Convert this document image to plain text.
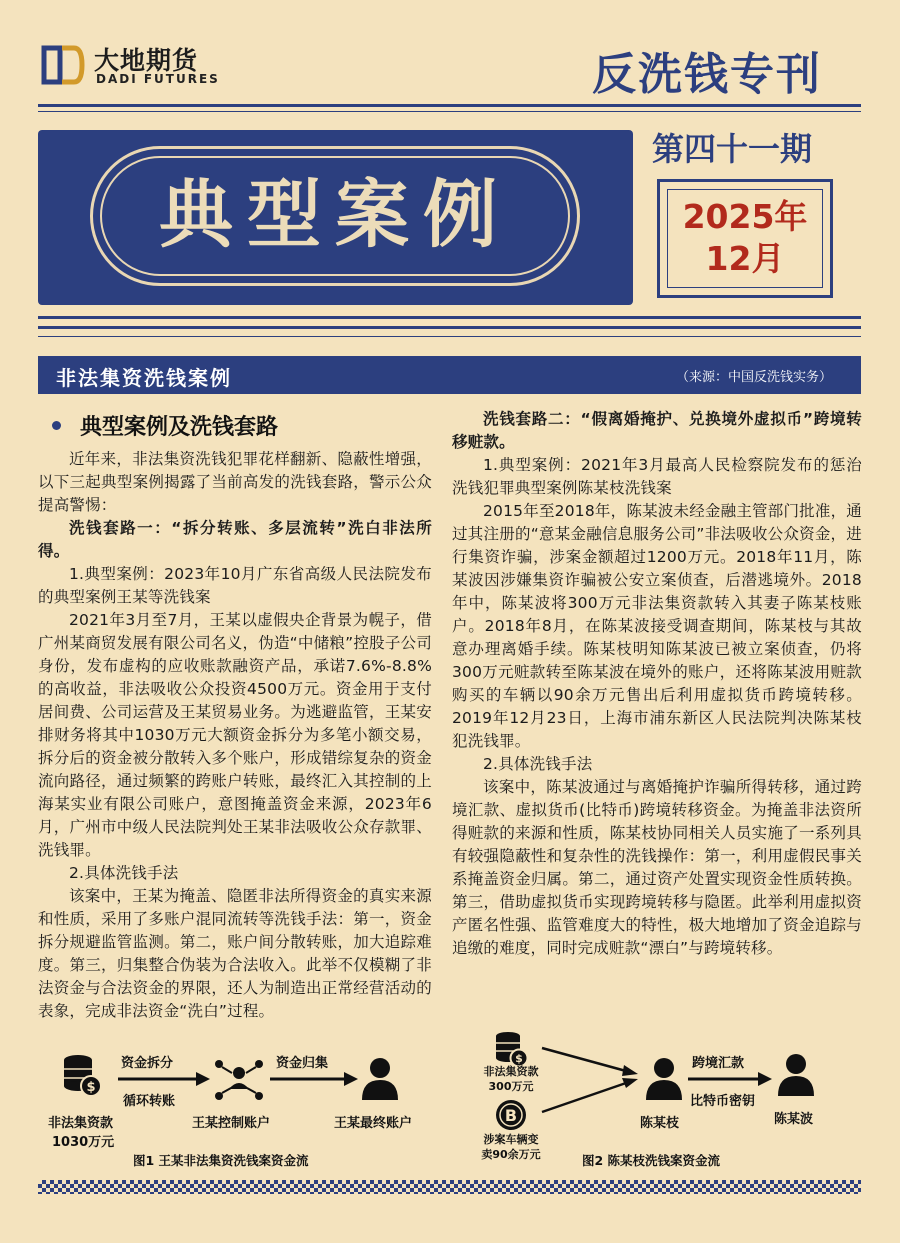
大地期货
DADI FUTURES	反洗钱专刊
典型案例
第四十一期
2025年
12月
非法集资洗钱案例	（来源：中国反洗钱实务）
典型案例及洗钱套路

近年来，非法集资洗钱犯罪花样翻新、隐蔽性增强，以下三起典型案例揭露了当前高发的洗钱套路，警示公众提高警惕：

洗钱套路一：“拆分转账、多层流转”洗白非法所得。

1.典型案例：2023年10月广东省高级人民法院发布的典型案例王某等洗钱案

2021年3月至7月，王某以虚假央企背景为幌子，借广州某商贸发展有限公司名义，伪造“中储粮”控股子公司身份，发布虚构的应收账款融资产品，承诺7.6%-8.8%的高收益，非法吸收公众投资4500万元。资金用于支付居间费、公司运营及王某贸易业务。为逃避监管，王某安排财务将其中1030万元大额资金拆分为多笔小额交易，拆分后的资金被分散转入多个账户，形成错综复杂的资金流向路径，通过频繁的跨账户转账，最终汇入其控制的上海某实业有限公司账户，意图掩盖资金来源，2023年6月，广州市中级人民法院判处王某非法吸收公众存款罪、洗钱罪。

2.具体洗钱手法

该案中，王某为掩盖、隐匿非法所得资金的真实来源和性质，采用了多账户混同流转等洗钱手法：第一，资金拆分规避监管监测。第二，账户间分散转账，加大追踪难度。第三，归集整合伪装为合法收入。此举不仅模糊了非法资金与合法资金的界限，还人为制造出正常经营活动的表象，完成非法资金“洗白”过程。

洗钱套路二：“假离婚掩护、兑换境外虚拟币”跨境转移赃款。

1.典型案例：2021年3月最高人民检察院发布的惩治洗钱犯罪典型案例陈某枝洗钱案

2015年至2018年，陈某波未经金融主管部门批准，通过其注册的“意某金融信息服务公司”非法吸收公众资金，进行集资诈骗，涉案金额超过1200万元。2018年11月，陈某波因涉嫌集资诈骗被公安立案侦查，后潜逃境外。2018年中，陈某波将300万元非法集资款转入其妻子陈某枝账户。2018年8月，在陈某波接受调查期间，陈某枝与其故意办理离婚手续。陈某枝明知陈某波已被立案侦查，仍将300万元赃款转至陈某波在境外的账户，还将陈某波用赃款购买的车辆以90余万元售出后利用虚拟货币跨境转移。2019年12月23日，上海市浦东新区人民法院判决陈某枝犯洗钱罪。

2.具体洗钱手法

该案中，陈某波通过与离婚掩护诈骗所得转移，通过跨境汇款、虚拟货币(比特币)跨境转移资金。为掩盖非法资所得赃款的来源和性质，陈某枝协同相关人员实施了一系列具有较强隐蔽性和复杂性的洗钱操作：第一，利用虚假民事关系掩盖资金归属。第二，通过资产处置实现资金性质转换。第三，借助虚拟货币实现跨境转移与隐匿。此举利用虚拟资产匿名性强、监管难度大的特性，极大地增加了资金追踪与追缴的难度，同时完成赃款“漂白”与跨境转移。

$
非法集资款
1030万元
资金拆分
循环转账
王某控制账户
资金归集
王某最终账户
图1 王某非法集资洗钱案资金流
$
非法集资款
300万元
B
涉案车辆变
卖90余万元
陈某枝
跨境汇款
比特币密钥
陈某波
图2 陈某枝洗钱案资金流
